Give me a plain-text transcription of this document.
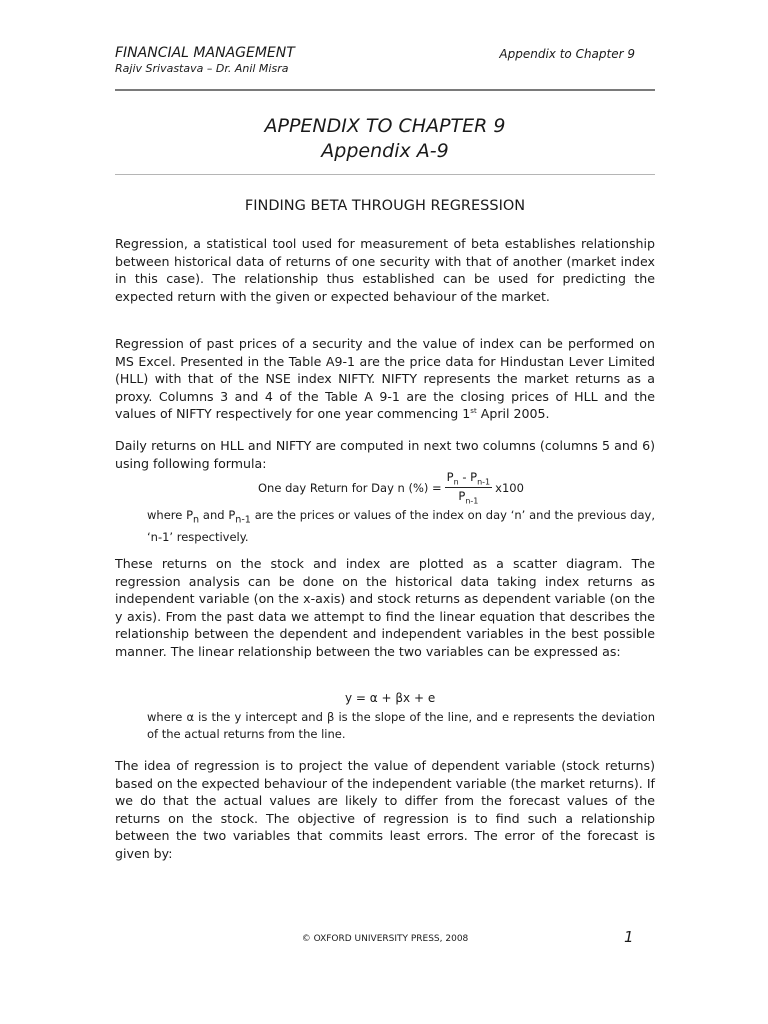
FINANCIAL MANAGEMENT
Rajiv Srivastava – Dr. Anil Misra
Appendix to Chapter 9
APPENDIX TO CHAPTER 9
Appendix A-9
FINDING BETA THROUGH REGRESSION
Regression, a statistical tool used for measurement of beta establishes relationship between historical data of returns of one security with that of another (market index in this case). The relationship thus established can be used for predicting the expected return with the given or expected behaviour of the market.
Regression of past prices of a security and the value of index can be performed on MS Excel. Presented in the Table A9-1 are the price data for Hindustan Lever Limited (HLL) with that of the NSE index NIFTY. NIFTY represents the market returns as a proxy. Columns 3 and 4 of the Table A 9-1 are the closing prices of HLL and the values of NIFTY respectively for one year commencing 1st April 2005.
Daily returns on HLL and NIFTY are computed in next two columns (columns 5 and 6) using following formula:
One day Return for Day n (%) = $\frac{P_n - P_{n-1}}{P_{n-1}} x100$
where $P_n$ and $P_{n-1}$ are the prices or values of the index on day ‘n’ and the previous day, ‘n-1’ respectively.
These returns on the stock and index are plotted as a scatter diagram. The regression analysis can be done on the historical data taking index returns as independent variable (on the x-axis) and stock returns as dependent variable (on the y axis). From the past data we attempt to find the linear equation that describes the relationship between the dependent and independent variables in the best possible manner. The linear relationship between the two variables can be expressed as:
y = α + βx + e
where α is the y intercept and β is the slope of the line, and e represents the deviation of the actual returns from the line.
The idea of regression is to project the value of dependent variable (stock returns) based on the expected behaviour of the independent variable (the market returns). If we do that the actual values are likely to differ from the forecast values of the returns on the stock. The objective of regression is to find such a relationship between the two variables that commits least errors. The error of the forecast is given by:
© OXFORD UNIVERSITY PRESS, 2008	1
